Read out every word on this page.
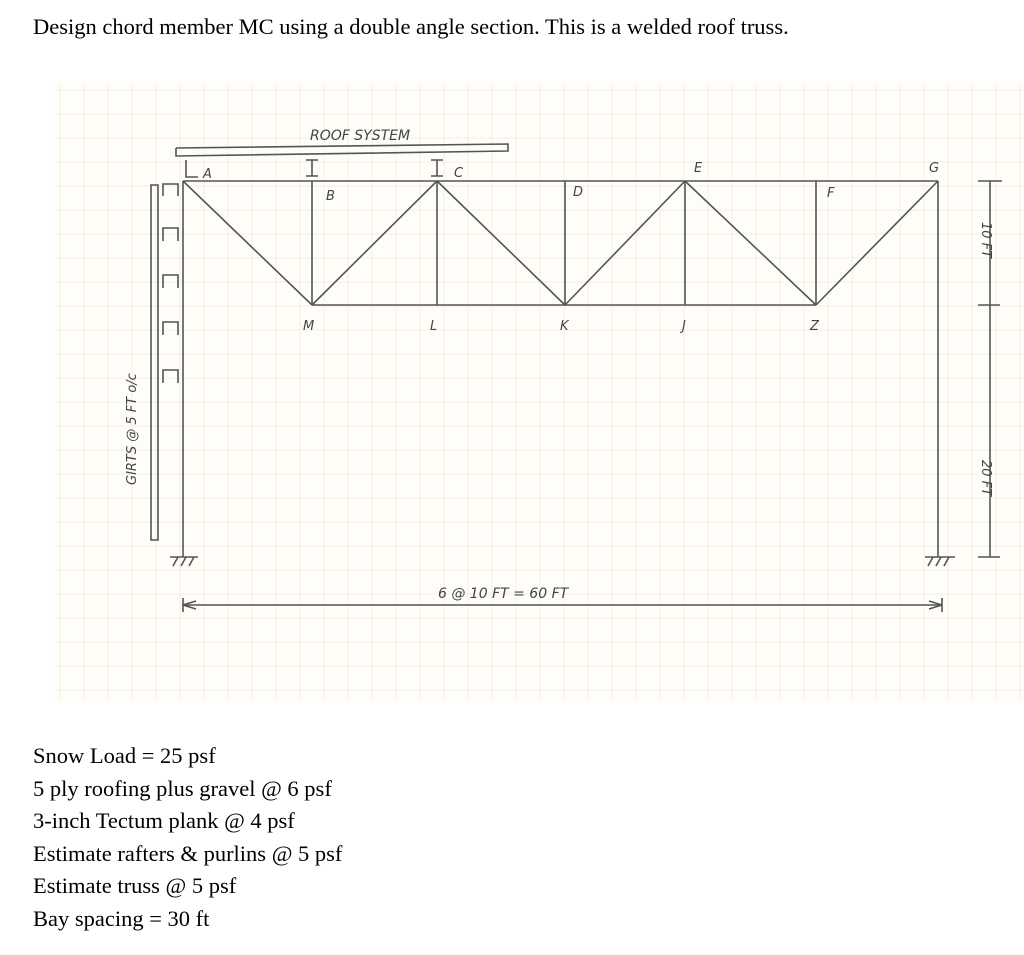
Design chord member MC using a double angle section. This is a welded roof truss.
ROOF SYSTEM
A
B
C
D
E
F
G
M	L	K	J	Z
GIRTS @ 5 FT o/c
6 @ 10 FT = 60 FT
10 FT
20 FT
Snow Load = 25 psf
5 ply roofing plus gravel @ 6 psf
3-inch Tectum plank @ 4 psf
Estimate rafters & purlins @ 5 psf
Estimate truss @ 5 psf
Bay spacing = 30 ft
